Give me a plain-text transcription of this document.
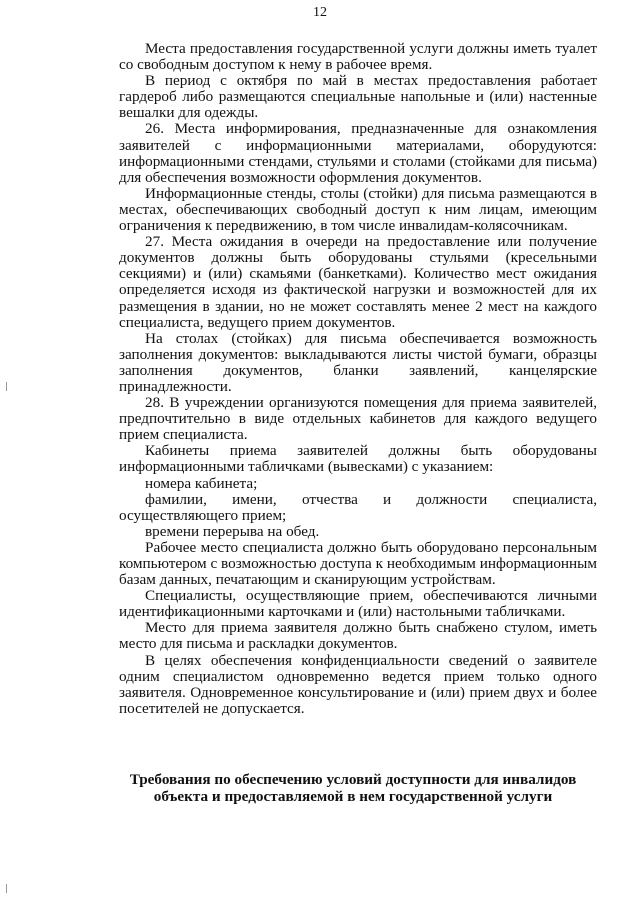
12

Места предоставления государственной услуги должны иметь туалет со свободным доступом к нему в рабочее время.

В период с октября по май в местах предоставления работает гардероб либо размещаются специальные напольные и (или) настенные вешалки для одежды.

26. Места информирования, предназначенные для ознакомления заявителей с информационными материалами, оборудуются: информационными стендами, стульями и столами (стойками для письма) для обеспечения возможности оформления документов.

Информационные стенды, столы (стойки) для письма размещаются в местах, обеспечивающих свободный доступ к ним лицам, имеющим ограничения к передвижению, в том числе инвалидам-колясочникам.

27. Места ожидания в очереди на предоставление или получение документов должны быть оборудованы стульями (кресельными секциями) и (или) скамьями (банкетками). Количество мест ожидания определяется исходя из фактической нагрузки и возможностей для их размещения в здании, но не может составлять менее 2 мест на каждого специалиста, ведущего прием документов.

На столах (стойках) для письма обеспечивается возможность заполнения документов: выкладываются листы чистой бумаги, образцы заполнения документов, бланки заявлений, канцелярские принадлежности.

28. В учреждении организуются помещения для приема заявителей, предпочтительно в виде отдельных кабинетов для каждого ведущего прием специалиста.

Кабинеты приема заявителей должны быть оборудованы информационными табличками (вывесками) с указанием:

номера кабинета;

фамилии, имени, отчества и должности специалиста, осуществляющего прием;

времени перерыва на обед.

Рабочее место специалиста должно быть оборудовано персональным компьютером с возможностью доступа к необходимым информационным базам данных, печатающим и сканирующим устройствам.

Специалисты, осуществляющие прием, обеспечиваются личными идентификационными карточками и (или) настольными табличками.

Место для приема заявителя должно быть снабжено стулом, иметь место для письма и раскладки документов.

В целях обеспечения конфиденциальности сведений о заявителе одним специалистом одновременно ведется прием только одного заявителя. Одновременное консультирование и (или) прием двух и более посетителей не допускается.

Требования по обеспечению условий доступности для инвалидов
объекта и предоставляемой в нем государственной услуги
